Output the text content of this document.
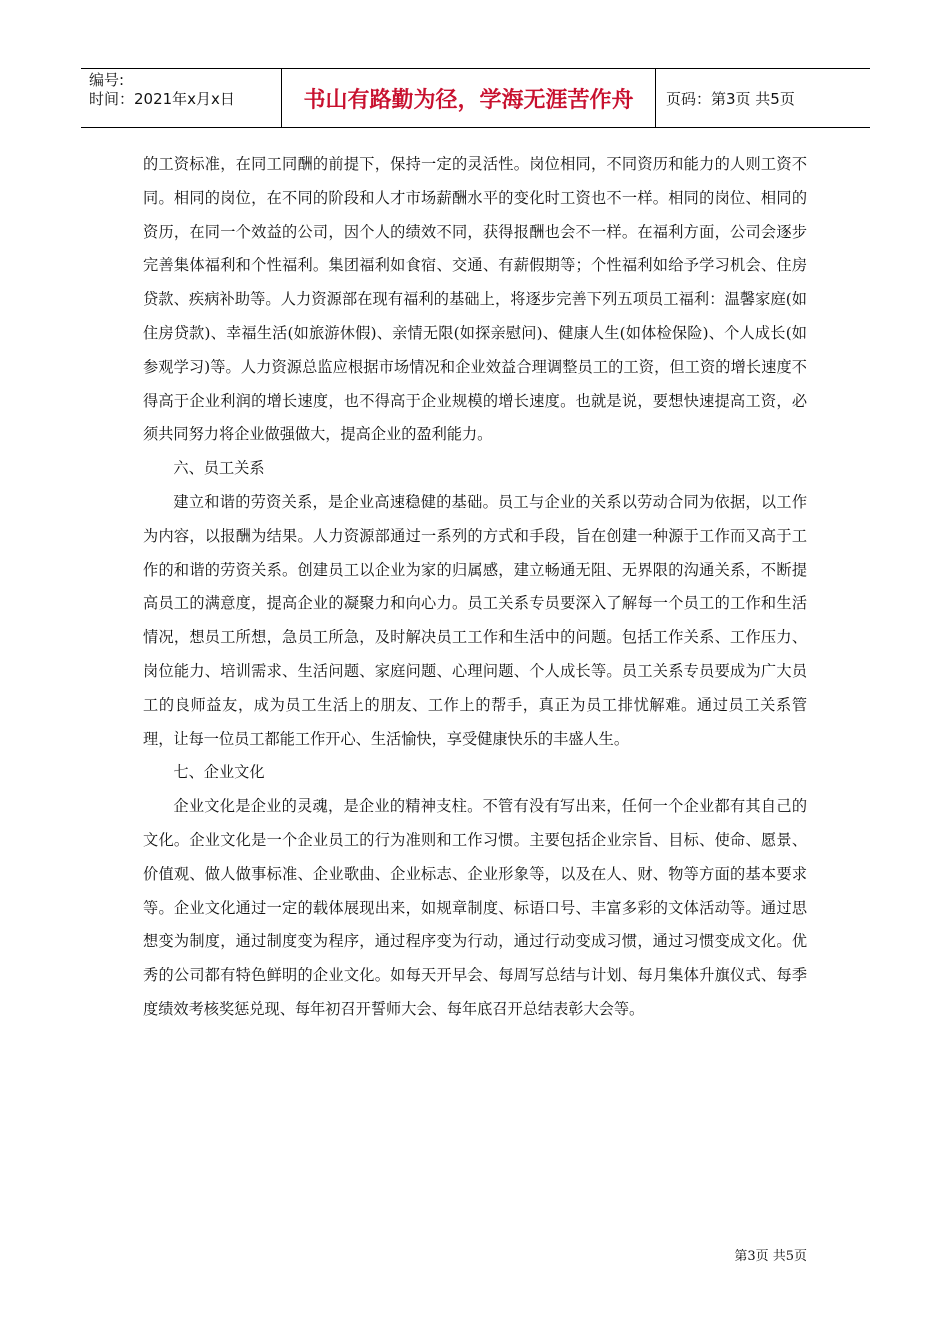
编号:
时间：2021年x月x日	书山有路勤为径，学海无涯苦作舟	页码：第3页 共5页

的工资标准，在同工同酬的前提下，保持一定的灵活性。岗位相同，不同资历和能力的人则工资不同。相同的岗位，在不同的阶段和人才市场薪酬水平的变化时工资也不一样。相同的岗位、相同的资历，在同一个效益的公司，因个人的绩效不同，获得报酬也会不一样。在福利方面，公司会逐步完善集体福利和个性福利。集团福利如食宿、交通、有薪假期等；个性福利如给予学习机会、住房贷款、疾病补助等。人力资源部在现有福利的基础上，将逐步完善下列五项员工福利：温馨家庭(如住房贷款)、幸福生活(如旅游休假)、亲情无限(如探亲慰问)、健康人生(如体检保险)、个人成长(如参观学习)等。人力资源总监应根据市场情况和企业效益合理调整员工的工资，但工资的增长速度不得高于企业利润的增长速度，也不得高于企业规模的增长速度。也就是说，要想快速提高工资，必须共同努力将企业做强做大，提高企业的盈利能力。

六、员工关系

建立和谐的劳资关系，是企业高速稳健的基础。员工与企业的关系以劳动合同为依据，以工作为内容，以报酬为结果。人力资源部通过一系列的方式和手段，旨在创建一种源于工作而又高于工作的和谐的劳资关系。创建员工以企业为家的归属感，建立畅通无阻、无界限的沟通关系，不断提高员工的满意度，提高企业的凝聚力和向心力。员工关系专员要深入了解每一个员工的工作和生活情况，想员工所想，急员工所急，及时解决员工工作和生活中的问题。包括工作关系、工作压力、岗位能力、培训需求、生活问题、家庭问题、心理问题、个人成长等。员工关系专员要成为广大员工的良师益友，成为员工生活上的朋友、工作上的帮手，真正为员工排忧解难。通过员工关系管理，让每一位员工都能工作开心、生活愉快，享受健康快乐的丰盛人生。

七、企业文化

企业文化是企业的灵魂，是企业的精神支柱。不管有没有写出来，任何一个企业都有其自己的文化。企业文化是一个企业员工的行为准则和工作习惯。主要包括企业宗旨、目标、使命、愿景、价值观、做人做事标准、企业歌曲、企业标志、企业形象等，以及在人、财、物等方面的基本要求等。企业文化通过一定的载体展现出来，如规章制度、标语口号、丰富多彩的文体活动等。通过思想变为制度，通过制度变为程序，通过程序变为行动，通过行动变成习惯，通过习惯变成文化。优秀的公司都有特色鲜明的企业文化。如每天开早会、每周写总结与计划、每月集体升旗仪式、每季度绩效考核奖惩兑现、每年初召开誓师大会、每年底召开总结表彰大会等。

第3页 共5页
